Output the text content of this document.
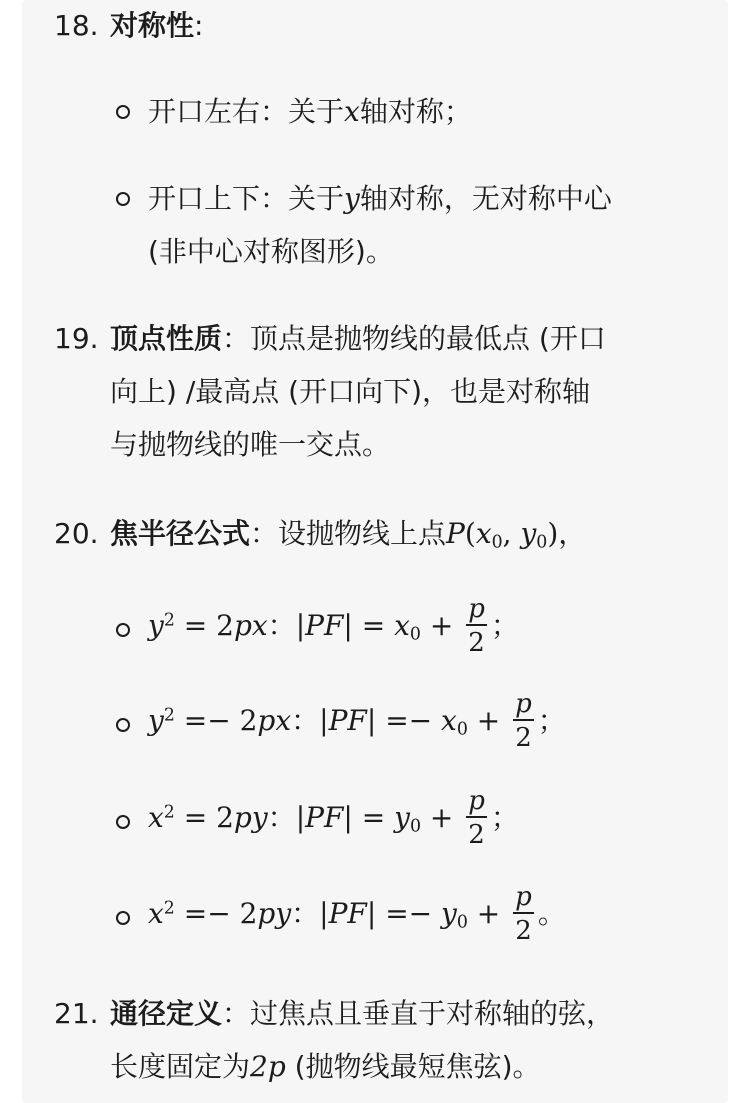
18. 对称性:
开口左右：关于x轴对称；
开口上下：关于y轴对称，无对称中心
(非中心对称图形)。
19. 顶点性质：顶点是抛物线的最低点 (开口
向上) /最高点 (开口向下)，也是对称轴
与抛物线的唯一交点。
20. 焦半径公式：设抛物线上点$P(x_0$, $y_0$)，
$y^2 = 2px$：$|PF| = x_0 + \frac{p}{2}$ ；
$y^2 =- 2px$：$|PF| =- x_0 + \frac{p}{2}$ ；
$x^2 = 2py$：$|PF| = y_0 + \frac{p}{2}$ ；
$x^2 =- 2py$：$|PF| =- y_0 + \frac{p}{2}$ 。
21. 通径定义：过焦点且垂直于对称轴的弦，
长度固定为2p (抛物线最短焦弦)。
